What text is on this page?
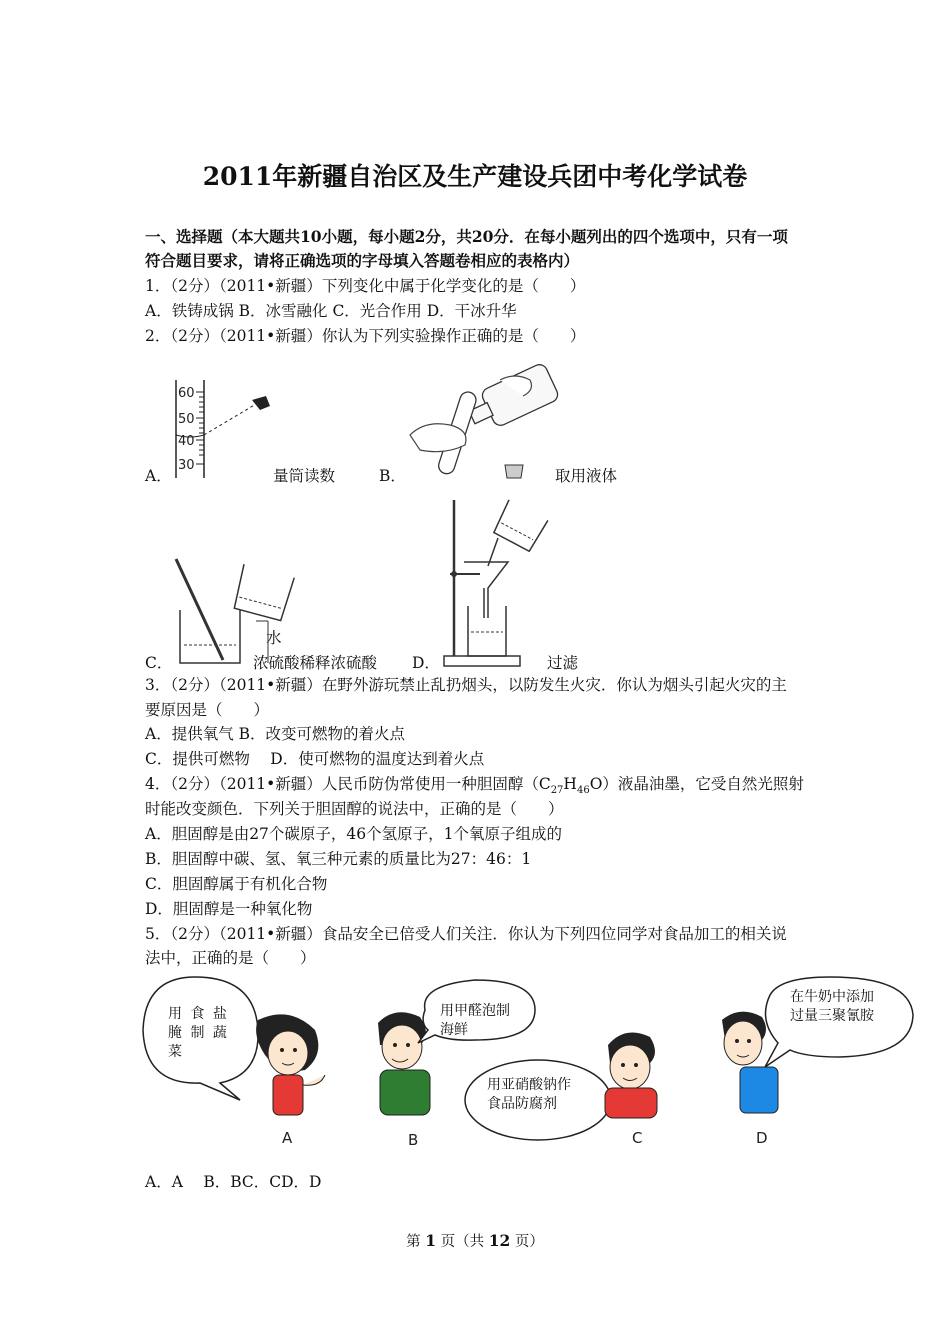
2011年新疆自治区及生产建设兵团中考化学试卷
一、选择题（本大题共10小题，每小题2分，共20分．在每小题列出的四个选项中，只有一项
符合题目要求，请将正确选项的字母填入答题卷相应的表格内）
1．（2分）（2011•新疆）下列变化中属于化学变化的是（　　）
A．铁铸成锅 B．冰雪融化 C．光合作用 D．干冰升华
2．（2分）（2011•新疆）你认为下列实验操作正确的是（　　）
60
50
40
30
A．	量筒读数	B．	取用液体
水
C．	浓硫酸稀释浓硫酸 D．	过滤
3．（2分）（2011•新疆）在野外游玩禁止乱扔烟头，以防发生火灾．你认为烟头引起火灾的主
要原因是（　　）
A．提供氧气 B．改变可燃物的着火点
C．提供可燃物　 D．使可燃物的温度达到着火点
4．（2分）（2011•新疆）人民币防伪常使用一种胆固醇$(C_{27}H_{46}O)$液晶油墨，它受自然光照射
时能改变颜色．下列关于胆固醇的说法中，正确的是（　　）
A．胆固醇是由27个碳原子，46个氢原子，1个氧原子组成的
B．胆固醇中碳、氢、氧三种元素的质量比为27：46：1
C．胆固醇属于有机化合物
D．胆固醇是一种氧化物
5．（2分）（2011•新疆）食品安全已倍受人们关注．你认为下列四位同学对食品加工的相关说
法中，正确的是（　　）
A	B	C	D
用 食 盐
腌 制 蔬
菜
用甲醛泡制
海鲜
用亚硝酸钠作
食品防腐剂
在牛奶中添加
过量三聚氰胺
A．A　 B．BC．CD．D
第 1 页（共 12 页）
